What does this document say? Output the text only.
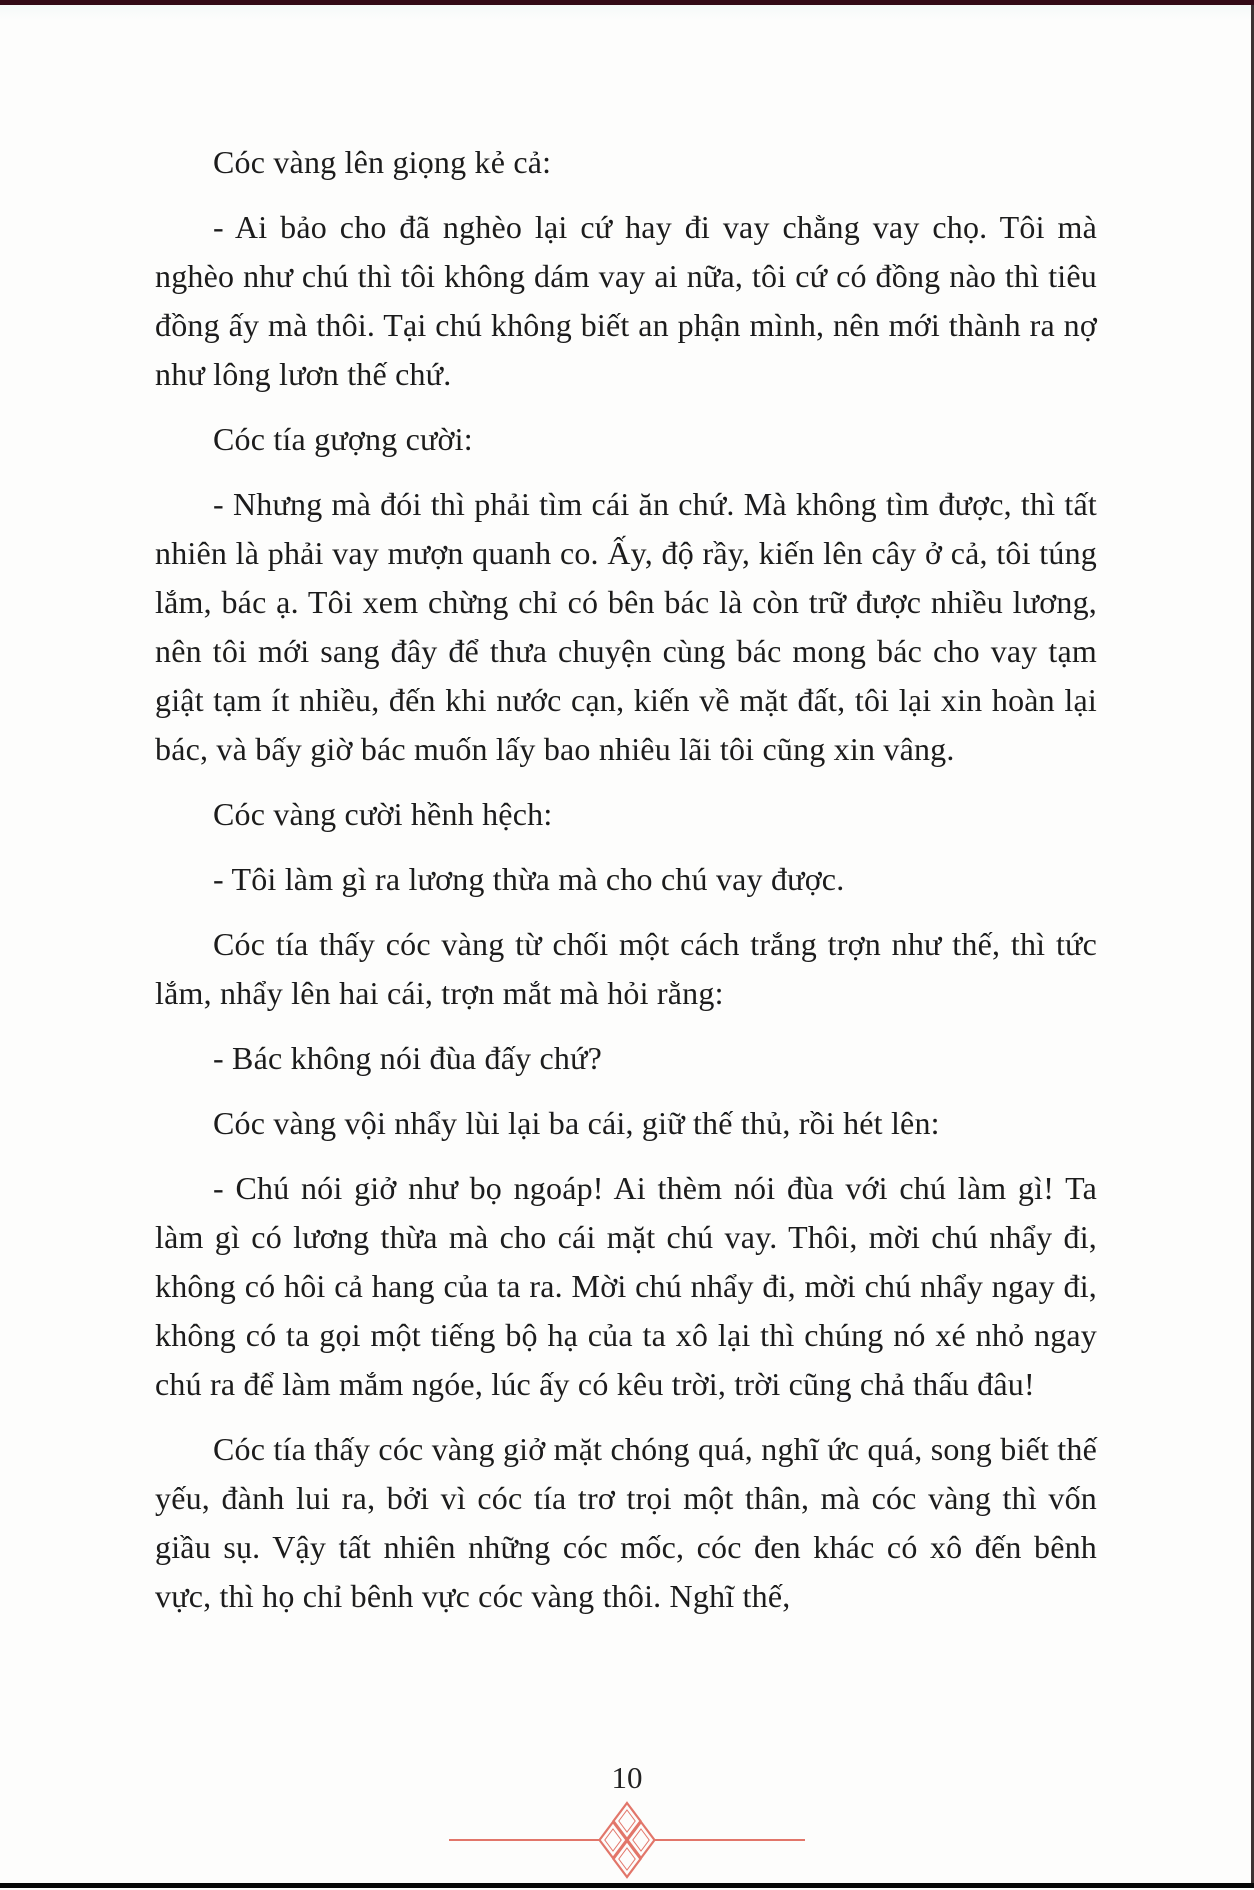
Cóc vàng lên giọng kẻ cả:

- Ai bảo cho đã nghèo lại cứ hay đi vay chằng vay chọ. Tôi mà nghèo như chú thì tôi không dám vay ai nữa, tôi cứ có đồng nào thì tiêu đồng ấy mà thôi. Tại chú không biết an phận mình, nên mới thành ra nợ như lông lươn thế chứ.

Cóc tía gượng cười:

- Nhưng mà đói thì phải tìm cái ăn chứ. Mà không tìm được, thì tất nhiên là phải vay mượn quanh co. Ấy, độ rầy, kiến lên cây ở cả, tôi túng lắm, bác ạ. Tôi xem chừng chỉ có bên bác là còn trữ được nhiều lương, nên tôi mới sang đây để thưa chuyện cùng bác mong bác cho vay tạm giật tạm ít nhiều, đến khi nước cạn, kiến về mặt đất, tôi lại xin hoàn lại bác, và bấy giờ bác muốn lấy bao nhiêu lãi tôi cũng xin vâng.

Cóc vàng cười hềnh hệch:

- Tôi làm gì ra lương thừa mà cho chú vay được.

Cóc tía thấy cóc vàng từ chối một cách trắng trợn như thế, thì tức lắm, nhẩy lên hai cái, trợn mắt mà hỏi rằng:

- Bác không nói đùa đấy chứ?

Cóc vàng vội nhẩy lùi lại ba cái, giữ thế thủ, rồi hét lên:

- Chú nói giở như bọ ngoáp! Ai thèm nói đùa với chú làm gì! Ta làm gì có lương thừa mà cho cái mặt chú vay. Thôi, mời chú nhẩy đi, không có hôi cả hang của ta ra. Mời chú nhẩy đi, mời chú nhẩy ngay đi, không có ta gọi một tiếng bộ hạ của ta xô lại thì chúng nó xé nhỏ ngay chú ra để làm mắm ngóe, lúc ấy có kêu trời, trời cũng chả thấu đâu!

Cóc tía thấy cóc vàng giở mặt chóng quá, nghĩ ức quá, song biết thế yếu, đành lui ra, bởi vì cóc tía trơ trọi một thân, mà cóc vàng thì vốn giầu sụ. Vậy tất nhiên những cóc mốc, cóc đen khác có xô đến bênh vực, thì họ chỉ bênh vực cóc vàng thôi. Nghĩ thế,

10
